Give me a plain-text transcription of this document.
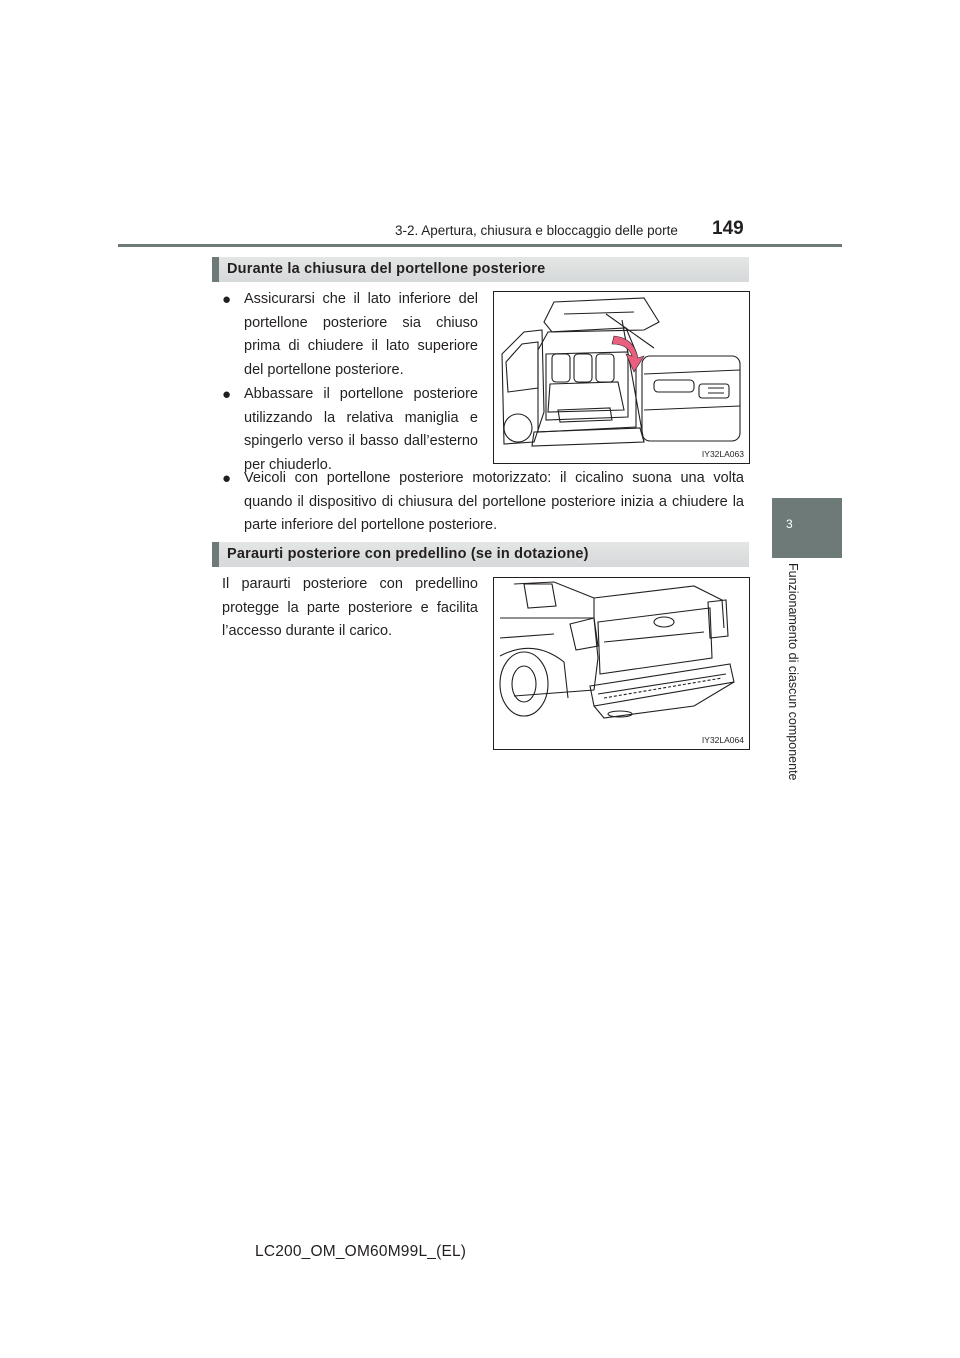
3-2. Apertura, chiusura e bloccaggio delle porte 149
3
Funzionamento di ciascun componente
Durante la chiusura del portellone posteriore
● Assicurarsi che il lato inferiore del portellone posteriore sia chiuso prima di chiudere il lato superiore del portellone posteriore.
● Abbassare il portellone posteriore utilizzando la relativa maniglia e spingerlo verso il basso dall’esterno per chiuderlo.
IY32LA063
● Veicoli con portellone posteriore motorizzato: il cicalino suona una volta quando il dispositivo di chiusura del portellone posteriore inizia a chiudere la parte inferiore del portellone posteriore.
Paraurti posteriore con predellino (se in dotazione)
Il paraurti posteriore con predellino protegge la parte posteriore e facilita l’accesso durante il carico.
IY32LA064
LC200_OM_OM60M99L_(EL)
